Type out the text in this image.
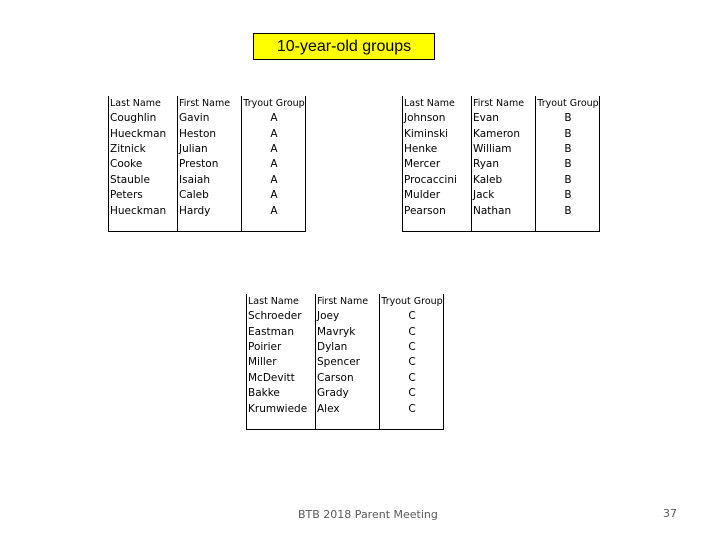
10-year-old groups
Last Name	First Name	Tryout Group
Coughlin	Gavin	A
Hueckman	Heston	A
Zitnick	Julian	A
Cooke	Preston	A
Stauble	Isaiah	A
Peters	Caleb	A
Hueckman	Hardy	A

Last Name	First Name	Tryout Group
Johnson	Evan	B
Kiminski	Kameron	B
Henke	William	B
Mercer	Ryan	B
Procaccini	Kaleb	B
Mulder	Jack	B
Pearson	Nathan	B

Last Name	First Name	Tryout Group
Schroeder	Joey	C
Eastman	Mavryk	C
Poirier	Dylan	C
Miller	Spencer	C
McDevitt	Carson	C
Bakke	Grady	C
Krumwiede	Alex	C

BTB 2018 Parent Meeting	37
